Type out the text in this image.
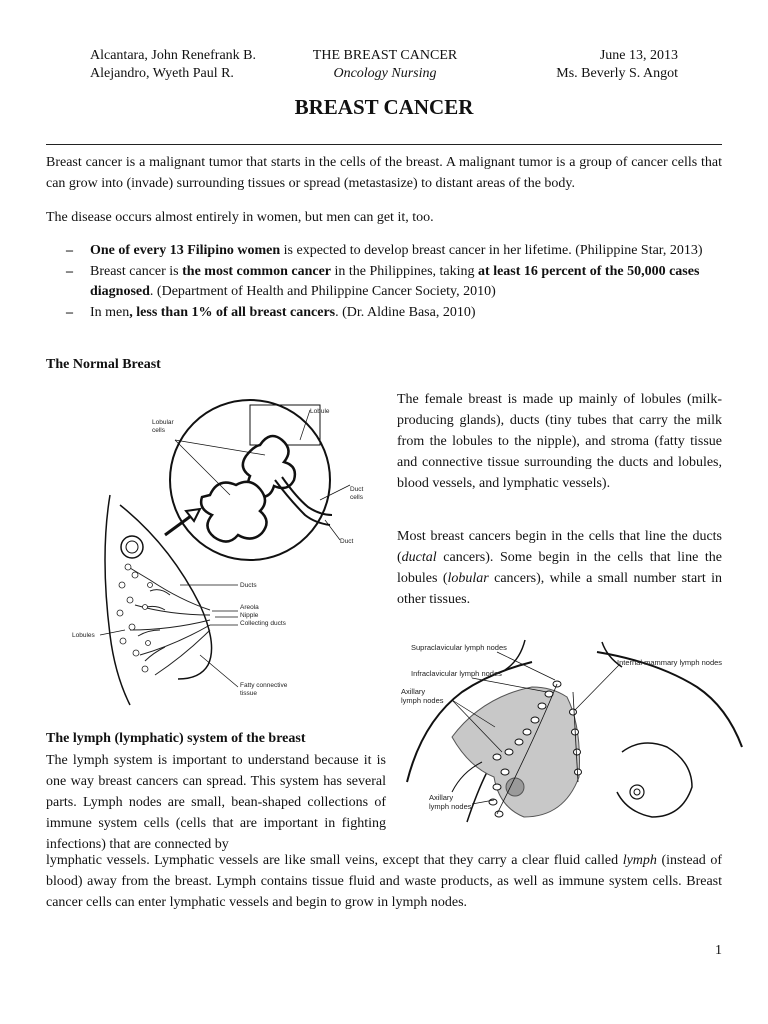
Alcantara, John Renefrank B.
Alejandro, Wyeth Paul R.
THE BREAST CANCER
Oncology Nursing
June 13, 2013
Ms. Beverly S. Angot
BREAST CANCER
Breast cancer is a malignant tumor that starts in the cells of the breast. A malignant tumor is a group of cancer cells that can grow into (invade) surrounding tissues or spread (metastasize) to distant areas of the body.
The disease occurs almost entirely in women, but men can get it, too.
– One of every 13 Filipino women is expected to develop breast cancer in her lifetime. (Philippine Star, 2013)
– Breast cancer is the most common cancer in the Philippines, taking at least 16 percent of the 50,000 cases diagnosed. (Department of Health and Philippine Cancer Society, 2010)
– In men, less than 1% of all breast cancers. (Dr. Aldine Basa, 2010)
The Normal Breast
The female breast is made up mainly of lobules (milk-producing glands), ducts (tiny tubes that carry the milk from the lobules to the nipple), and stroma (fatty tissue and connective tissue surrounding the ducts and lobules, blood vessels, and lymphatic vessels).
Most breast cancers begin in the cells that line the ducts (ductal cancers). Some begin in the cells that line the lobules (lobular cancers), while a small number start in other tissues.
Lobule
Lobular
cells
Duct
cells
Duct
Ducts
Areola
Nipple
Collecting ducts
Lobules
Fatty connective
tissue
Supraclavicular lymph nodes
Infraclavicular lymph nodes
Internal mammary lymph nodes
Axillary
lymph nodes
Axillary
lymph nodes
The lymph (lymphatic) system of the breast
The lymph system is important to understand because it is one way breast cancers can spread. This system has several parts. Lymph nodes are small, bean-shaped collections of immune system cells (cells that are important in fighting infections) that are connected by
lymphatic vessels. Lymphatic vessels are like small veins, except that they carry a clear fluid called lymph (instead of blood) away from the breast. Lymph contains tissue fluid and waste products, as well as immune system cells. Breast cancer cells can enter lymphatic vessels and begin to grow in lymph nodes.
1
